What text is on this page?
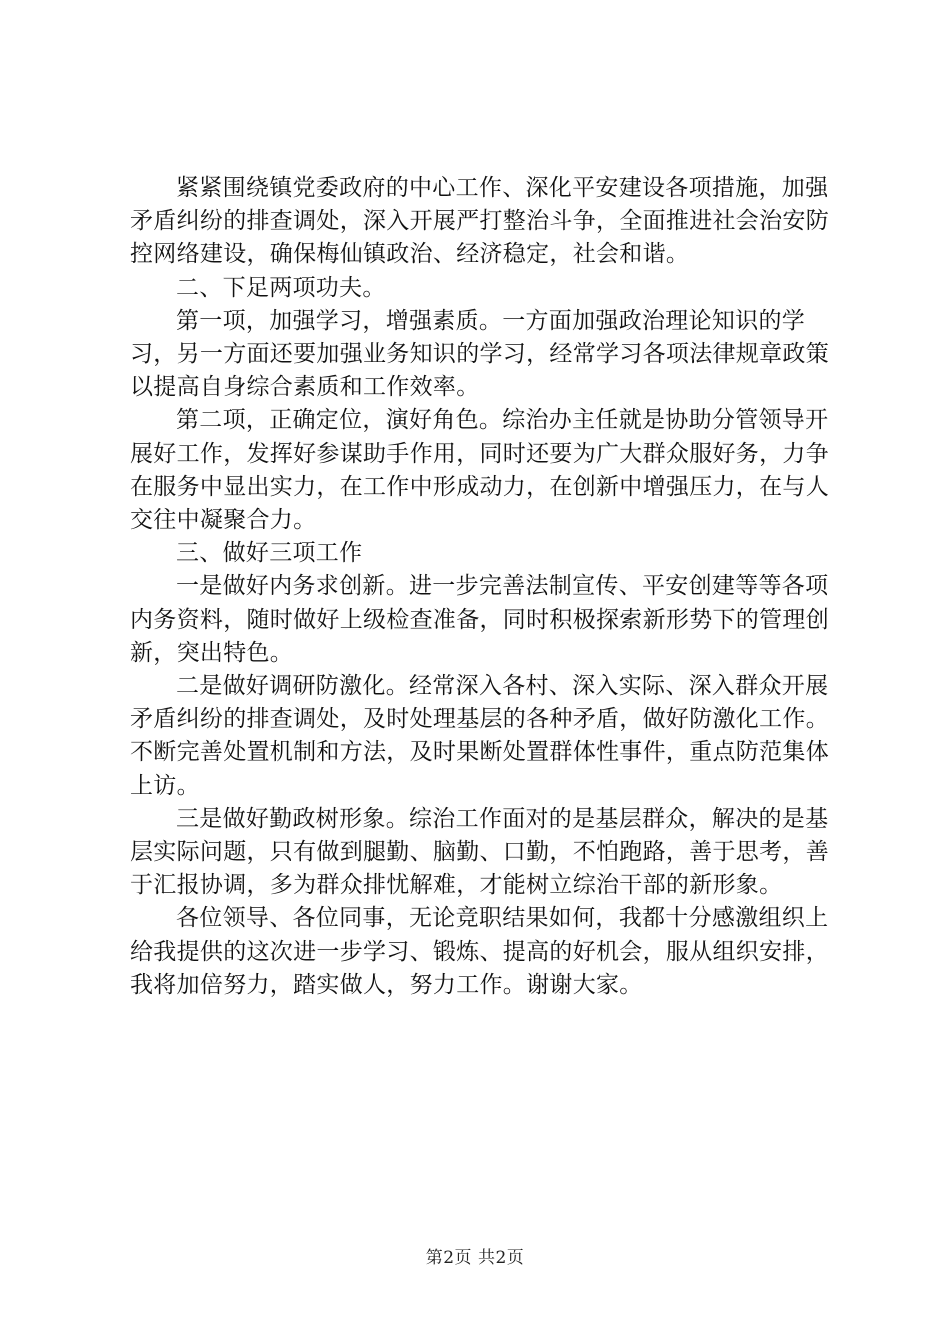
紧紧围绕镇党委政府的中心工作、深化平安建设各项措施，加强矛盾纠纷的排查调处，深入开展严打整治斗争，全面推进社会治安防控网络建设，确保梅仙镇政治、经济稳定，社会和谐。

二、下足两项功夫。

第一项，加强学习，增强素质。一方面加强政治理论知识的学习，另一方面还要加强业务知识的学习，经常学习各项法律规章政策以提高自身综合素质和工作效率。

第二项，正确定位，演好角色。综治办主任就是协助分管领导开展好工作，发挥好参谋助手作用，同时还要为广大群众服好务，力争在服务中显出实力，在工作中形成动力，在创新中增强压力，在与人交往中凝聚合力。

三、做好三项工作

一是做好内务求创新。进一步完善法制宣传、平安创建等等各项内务资料，随时做好上级检查准备，同时积极探索新形势下的管理创新，突出特色。

二是做好调研防激化。经常深入各村、深入实际、深入群众开展矛盾纠纷的排查调处，及时处理基层的各种矛盾，做好防激化工作。不断完善处置机制和方法，及时果断处置群体性事件，重点防范集体上访。

三是做好勤政树形象。综治工作面对的是基层群众，解决的是基层实际问题，只有做到腿勤、脑勤、口勤，不怕跑路，善于思考，善于汇报协调，多为群众排忧解难，才能树立综治干部的新形象。

各位领导、各位同事，无论竞职结果如何，我都十分感激组织上给我提供的这次进一步学习、锻炼、提高的好机会，服从组织安排，我将加倍努力，踏实做人，努力工作。谢谢大家。

第2页 共2页
